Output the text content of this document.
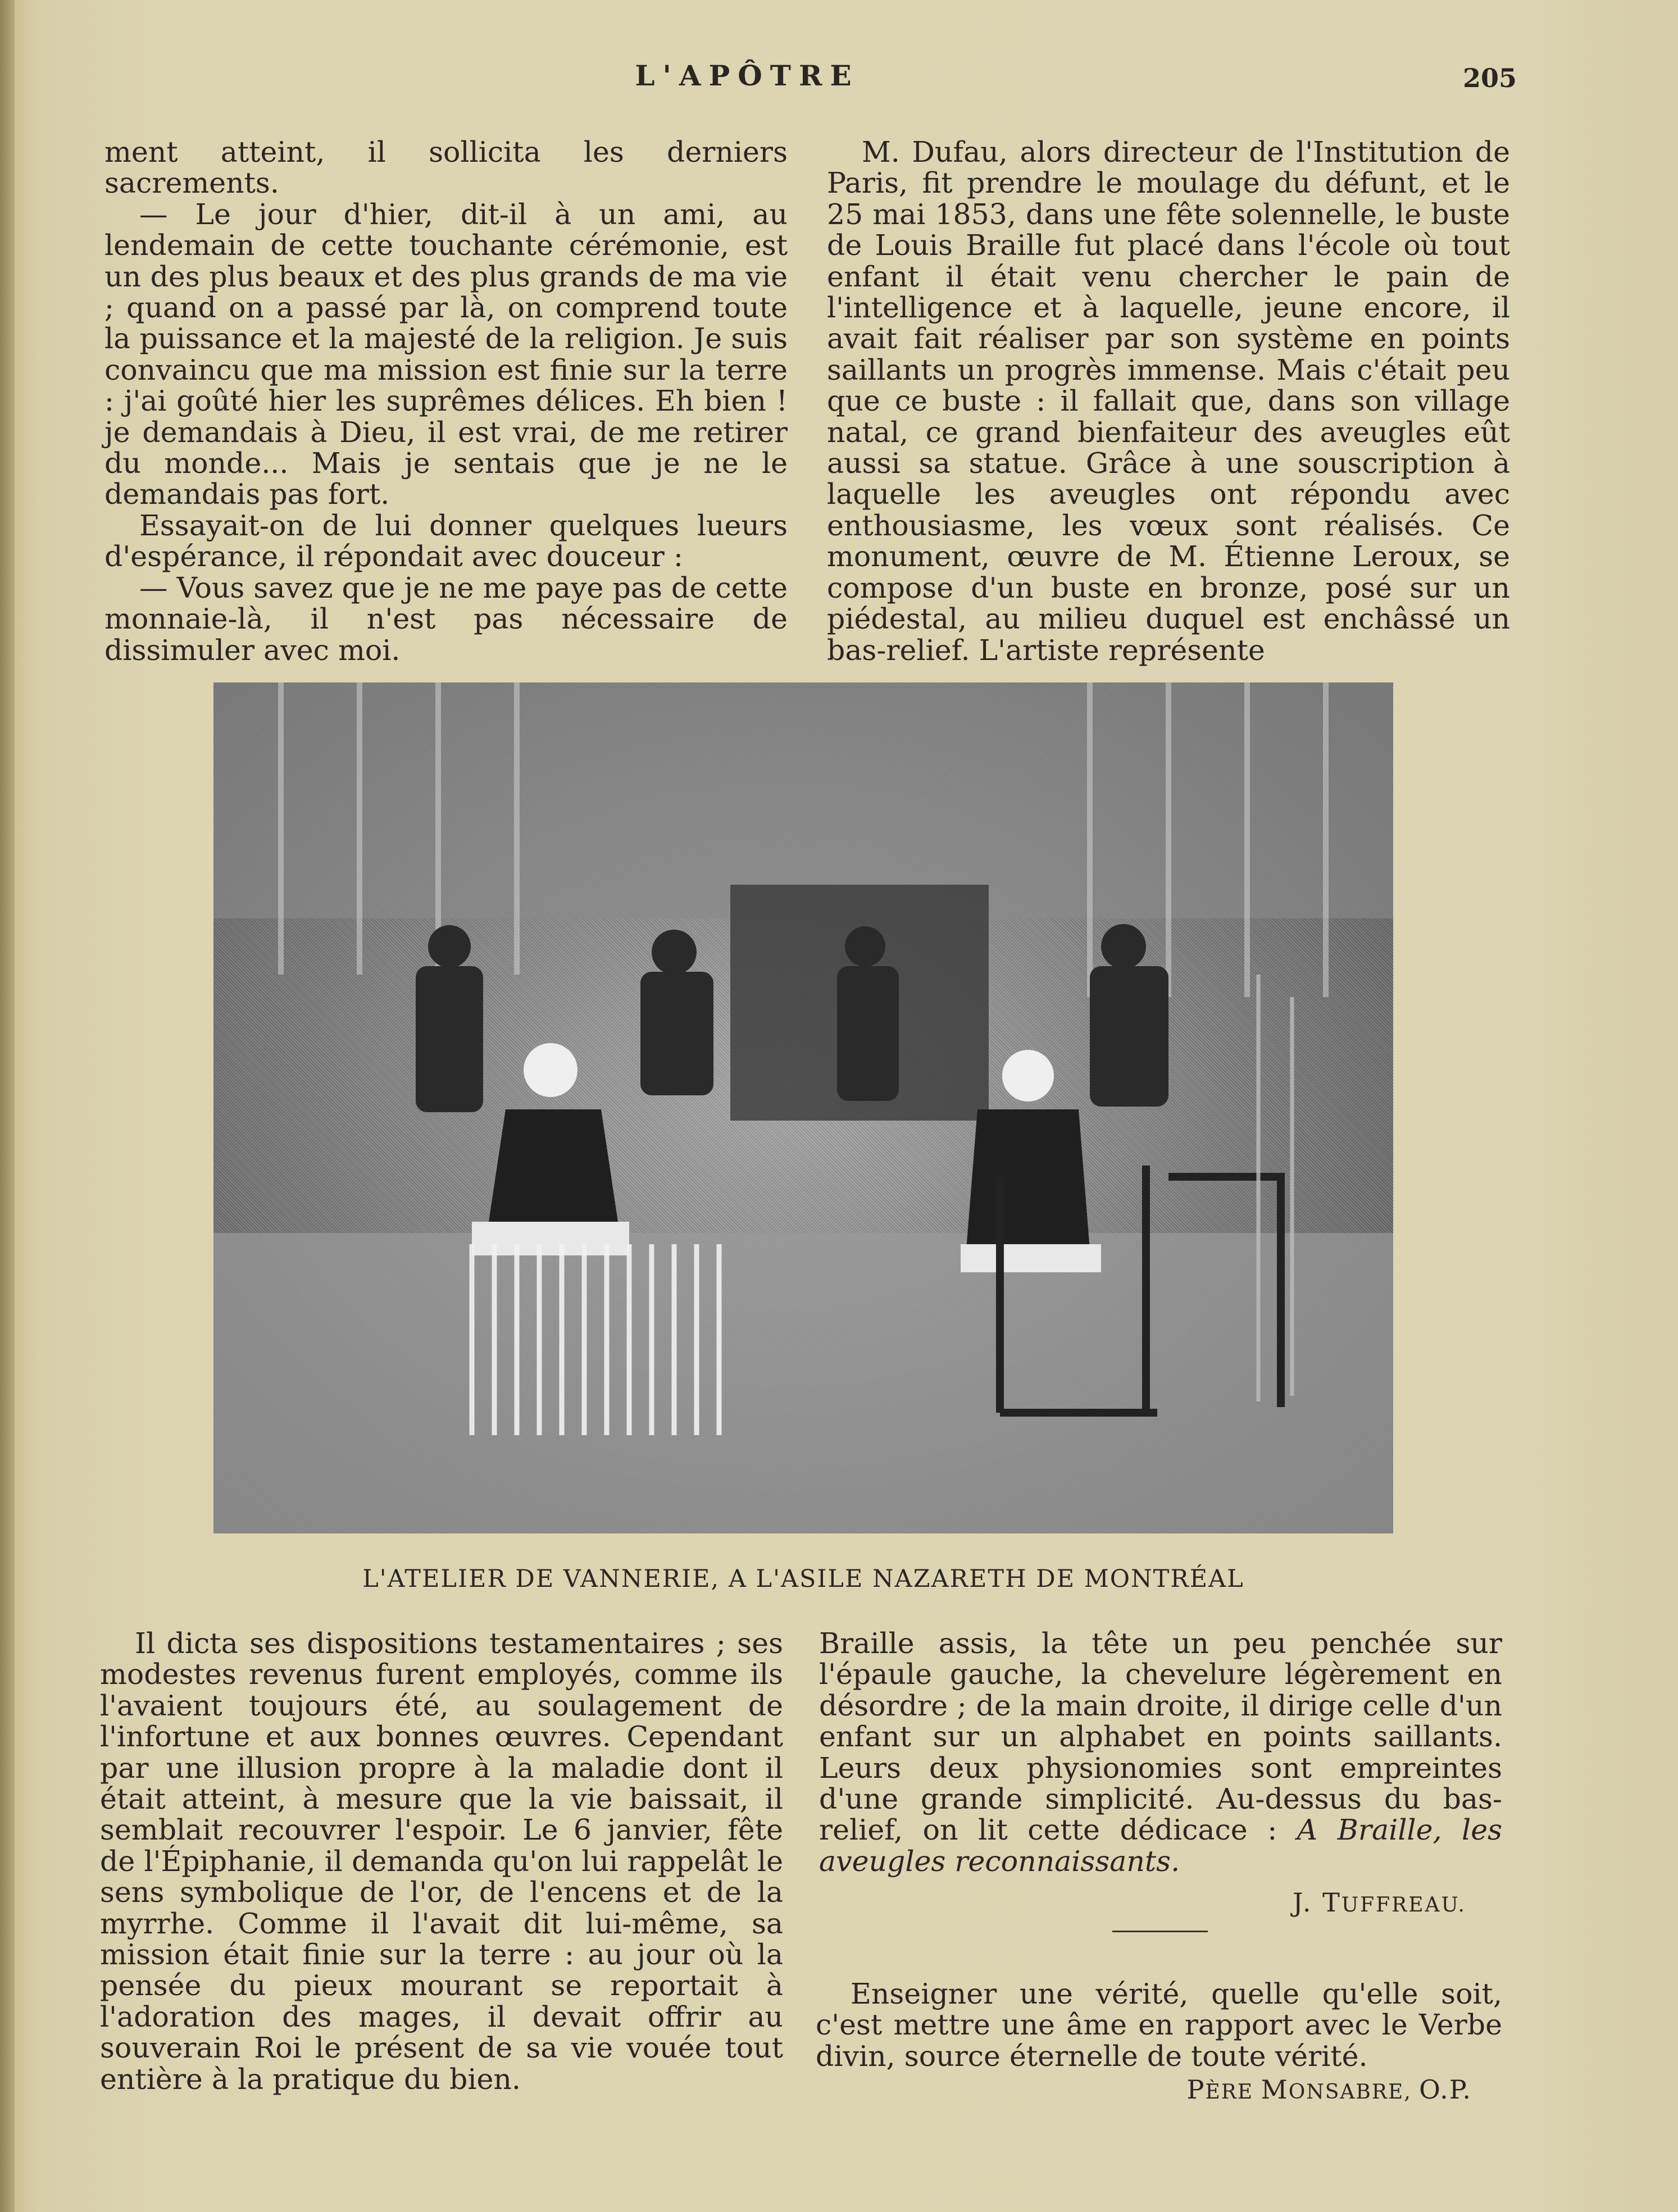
L'APÔTRE	205

ment atteint, il sollicita les derniers sacrements.

— Le jour d'hier, dit-il à un ami, au lendemain de cette touchante cérémonie, est un des plus beaux et des plus grands de ma vie ; quand on a passé par là, on comprend toute la puissance et la majesté de la religion. Je suis convaincu que ma mission est finie sur la terre : j'ai goûté hier les suprêmes délices. Eh bien ! je demandais à Dieu, il est vrai, de me retirer du monde... Mais je sentais que je ne le demandais pas fort.

Essayait-on de lui donner quelques lueurs d'espérance, il répondait avec douceur :

— Vous savez que je ne me paye pas de cette monnaie-là, il n'est pas nécessaire de dissimuler avec moi.

M. Dufau, alors directeur de l'Institution de Paris, fit prendre le moulage du défunt, et le 25 mai 1853, dans une fête solennelle, le buste de Louis Braille fut placé dans l'école où tout enfant il était venu chercher le pain de l'intelligence et à laquelle, jeune encore, il avait fait réaliser par son système en points saillants un progrès immense. Mais c'était peu que ce buste : il fallait que, dans son village natal, ce grand bienfaiteur des aveugles eût aussi sa statue. Grâce à une souscription à laquelle les aveugles ont répondu avec enthousiasme, les vœux sont réalisés. Ce monument, œuvre de M. Étienne Leroux, se compose d'un buste en bronze, posé sur un piédestal, au milieu duquel est enchâssé un bas-relief. L'artiste représente

L'ATELIER DE VANNERIE, A L'ASILE NAZARETH DE MONTRÉAL

Il dicta ses dispositions testamentaires ; ses modestes revenus furent employés, comme ils l'avaient toujours été, au soulagement de l'infortune et aux bonnes œuvres. Cependant par une illusion propre à la maladie dont il était atteint, à mesure que la vie baissait, il semblait recouvrer l'espoir. Le 6 janvier, fête de l'Épiphanie, il demanda qu'on lui rappelât le sens symbolique de l'or, de l'encens et de la myrrhe. Comme il l'avait dit lui-même, sa mission était finie sur la terre : au jour où la pensée du pieux mourant se reportait à l'adoration des mages, il devait offrir au souverain Roi le présent de sa vie vouée tout entière à la pratique du bien.

Braille assis, la tête un peu penchée sur l'épaule gauche, la chevelure légèrement en désordre ; de la main droite, il dirige celle d'un enfant sur un alphabet en points saillants. Leurs deux physionomies sont empreintes d'une grande simplicité. Au-dessus du bas-relief, on lit cette dédicace : A Braille, les aveugles reconnaissants.

J. TUFFREAU.

Enseigner une vérité, quelle qu'elle soit, c'est mettre une âme en rapport avec le Verbe divin, source éternelle de toute vérité.

PÈRE MONSABRE, O.P.
